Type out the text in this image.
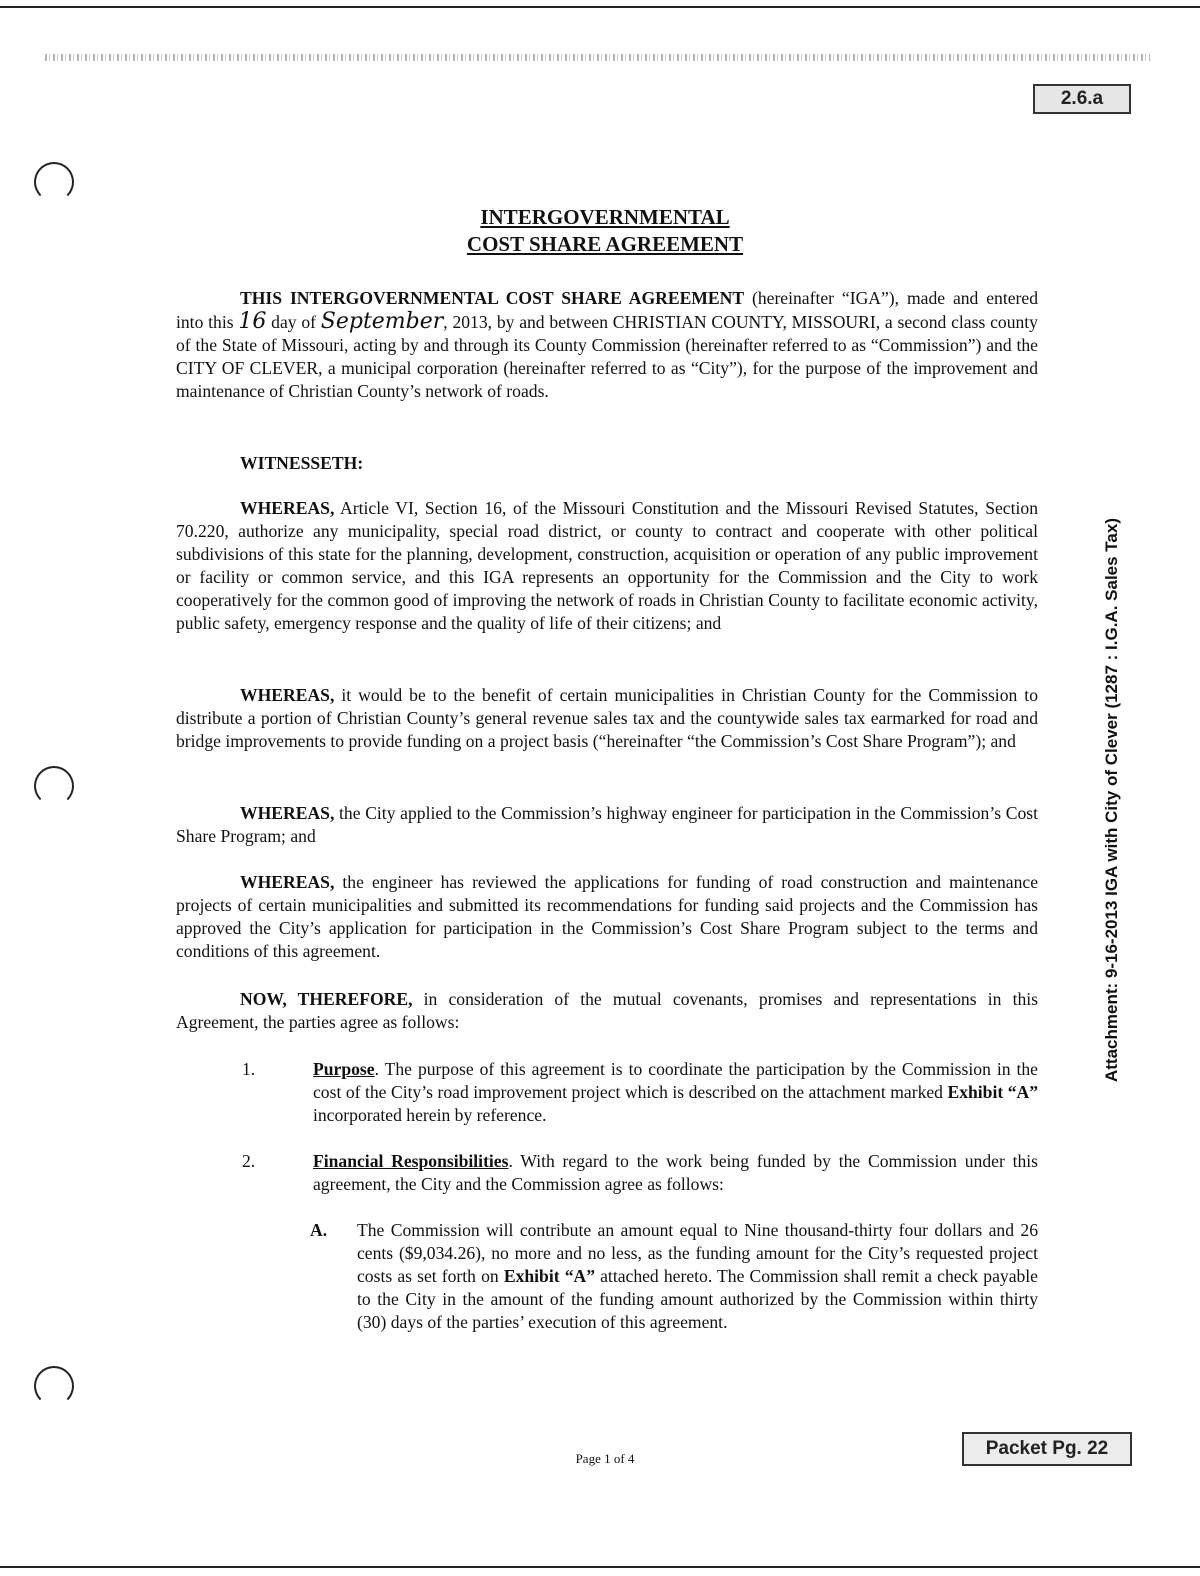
2.6.a
Attachment: 9-16-2013 IGA with City of Clever (1287 : I.G.A. Sales Tax)
INTERGOVERNMENTAL
COST SHARE AGREEMENT
THIS INTERGOVERNMENTAL COST SHARE AGREEMENT (hereinafter “IGA”), made and entered into this 16 day of September, 2013, by and between CHRISTIAN COUNTY, MISSOURI, a second class county of the State of Missouri, acting by and through its County Commission (hereinafter referred to as “Commission”) and the CITY OF CLEVER, a municipal corporation (hereinafter referred to as “City”), for the purpose of the improvement and maintenance of Christian County’s network of roads.
WITNESSETH:
WHEREAS, Article VI, Section 16, of the Missouri Constitution and the Missouri Revised Statutes, Section 70.220, authorize any municipality, special road district, or county to contract and cooperate with other political subdivisions of this state for the planning, development, construction, acquisition or operation of any public improvement or facility or common service, and this IGA represents an opportunity for the Commission and the City to work cooperatively for the common good of improving the network of roads in Christian County to facilitate economic activity, public safety, emergency response and the quality of life of their citizens; and
WHEREAS, it would be to the benefit of certain municipalities in Christian County for the Commission to distribute a portion of Christian County’s general revenue sales tax and the countywide sales tax earmarked for road and bridge improvements to provide funding on a project basis (“hereinafter “the Commission’s Cost Share Program”); and
WHEREAS, the City applied to the Commission’s highway engineer for participation in the Commission’s Cost Share Program; and
WHEREAS, the engineer has reviewed the applications for funding of road construction and maintenance projects of certain municipalities and submitted its recommendations for funding said projects and the Commission has approved the City’s application for participation in the Commission’s Cost Share Program subject to the terms and conditions of this agreement.
NOW, THEREFORE, in consideration of the mutual covenants, promises and representations in this Agreement, the parties agree as follows:
1.	Purpose. The purpose of this agreement is to coordinate the participation by the Commission in the cost of the City’s road improvement project which is described on the attachment marked Exhibit “A” incorporated herein by reference.
2.	Financial Responsibilities. With regard to the work being funded by the Commission under this agreement, the City and the Commission agree as follows:
A. The Commission will contribute an amount equal to Nine thousand-thirty four dollars and 26 cents ($9,034.26), no more and no less, as the funding amount for the City’s requested project costs as set forth on Exhibit “A” attached hereto. The Commission shall remit a check payable to the City in the amount of the funding amount authorized by the Commission within thirty (30) days of the parties’ execution of this agreement.
Page 1 of 4	Packet Pg. 22
